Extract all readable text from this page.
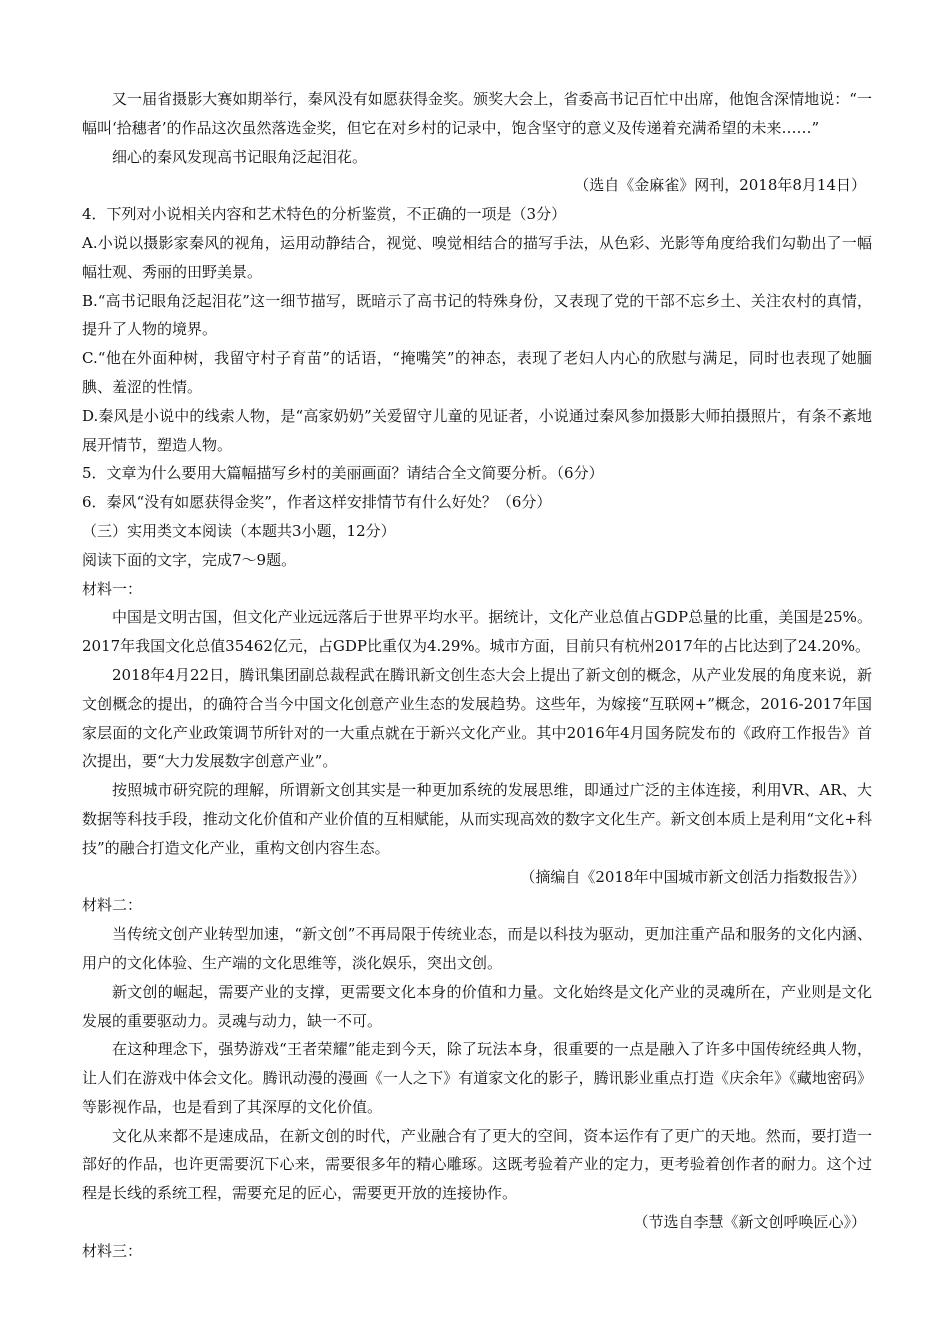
又一届省摄影大赛如期举行，秦风没有如愿获得金奖。颁奖大会上，省委高书记百忙中出席，他饱含深情地说：“一幅叫‘拾穗者’的作品这次虽然落选金奖，但它在对乡村的记录中，饱含坚守的意义及传递着充满希望的未来……”

细心的秦风发现高书记眼角泛起泪花。

（选自《金麻雀》网刊，2018年8月14日）

4．下列对小说相关内容和艺术特色的分析鉴赏，不正确的一项是（3分）

A.小说以摄影家秦风的视角，运用动静结合，视觉、嗅觉相结合的描写手法，从色彩、光影等角度给我们勾勒出了一幅幅壮观、秀丽的田野美景。

B.“高书记眼角泛起泪花”这一细节描写，既暗示了高书记的特殊身份，又表现了党的干部不忘乡土、关注农村的真情，提升了人物的境界。

C.“他在外面种树，我留守村子育苗”的话语，“掩嘴笑”的神态，表现了老妇人内心的欣慰与满足，同时也表现了她腼腆、羞涩的性情。

D.秦风是小说中的线索人物，是“高家奶奶”关爱留守儿童的见证者，小说通过秦风参加摄影大师拍摄照片，有条不紊地展开情节，塑造人物。

5．文章为什么要用大篇幅描写乡村的美丽画面？请结合全文简要分析。（6分）

6．秦风“没有如愿获得金奖”，作者这样安排情节有什么好处？（6分）

（三）实用类文本阅读（本题共3小题，12分）

阅读下面的文字，完成7～9题。

材料一：

中国是文明古国，但文化产业远远落后于世界平均水平。据统计，文化产业总值占GDP总量的比重，美国是25%。2017年我国文化总值35462亿元，占GDP比重仅为4.29%。城市方面，目前只有杭州2017年的占比达到了24.20%。

2018年4月22日，腾讯集团副总裁程武在腾讯新文创生态大会上提出了新文创的概念，从产业发展的角度来说，新文创概念的提出，的确符合当今中国文化创意产业生态的发展趋势。这些年，为嫁接“互联网+”概念，2016-2017年国家层面的文化产业政策调节所针对的一大重点就在于新兴文化产业。其中2016年4月国务院发布的《政府工作报告》首次提出，要“大力发展数字创意产业”。

按照城市研究院的理解，所谓新文创其实是一种更加系统的发展思维，即通过广泛的主体连接，利用VR、AR、大数据等科技手段，推动文化价值和产业价值的互相赋能，从而实现高效的数字文化生产。新文创本质上是利用“文化+科技”的融合打造文化产业，重构文创内容生态。

（摘编自《2018年中国城市新文创活力指数报告》）

材料二：

当传统文创产业转型加速，“新文创”不再局限于传统业态，而是以科技为驱动，更加注重产品和服务的文化内涵、用户的文化体验、生产端的文化思维等，淡化娱乐，突出文创。

新文创的崛起，需要产业的支撑，更需要文化本身的价值和力量。文化始终是文化产业的灵魂所在，产业则是文化发展的重要驱动力。灵魂与动力，缺一不可。

在这种理念下，强势游戏“王者荣耀”能走到今天，除了玩法本身，很重要的一点是融入了许多中国传统经典人物，让人们在游戏中体会文化。腾讯动漫的漫画《一人之下》有道家文化的影子，腾讯影业重点打造《庆余年》《藏地密码》等影视作品，也是看到了其深厚的文化价值。

文化从来都不是速成品，在新文创的时代，产业融合有了更大的空间，资本运作有了更广的天地。然而，要打造一部好的作品，也许更需要沉下心来，需要很多年的精心雕琢。这既考验着产业的定力，更考验着创作者的耐力。这个过程是长线的系统工程，需要充足的匠心，需要更开放的连接协作。

（节选自李慧《新文创呼唤匠心》）

材料三：
